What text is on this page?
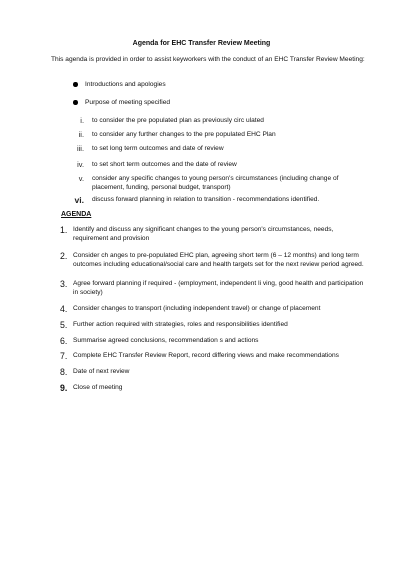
Agenda for EHC Transfer Review Meeting
This agenda is provided in order to assist keyworkers with the conduct of an EHC Transfer Review Meeting:
Introductions and apologies
Purpose of meeting specified
i. to consider the pre populated plan as previously circ ulated
ii. to consider any further changes to the pre populated EHC Plan
iii. to set long term outcomes and date of review
iv. to set short term outcomes and the date of review
v. consider any specific changes to young person's circumstances (including change of placement, funding, personal budget, transport)
vi. discuss forward planning in relation to transition - recommendations identified.
AGENDA
1. Identify and discuss any significant changes to the young person's circumstances, needs, requirement and provision
2. Consider ch anges to pre-populated EHC plan, agreeing short term (6 – 12 months) and long term outcomes including educational/social care and health targets set for the next review period agreed.
3. Agree forward planning if required - (employment, independent li ving, good health and participation in society)
4. Consider changes to transport (including independent travel) or change of placement
5. Further action required with strategies, roles and responsibilities identified
6. Summarise agreed conclusions, recommendation s and actions
7. Complete EHC Transfer Review Report, record differing views and make recommendations
8. Date of next review
9. Close of meeting
